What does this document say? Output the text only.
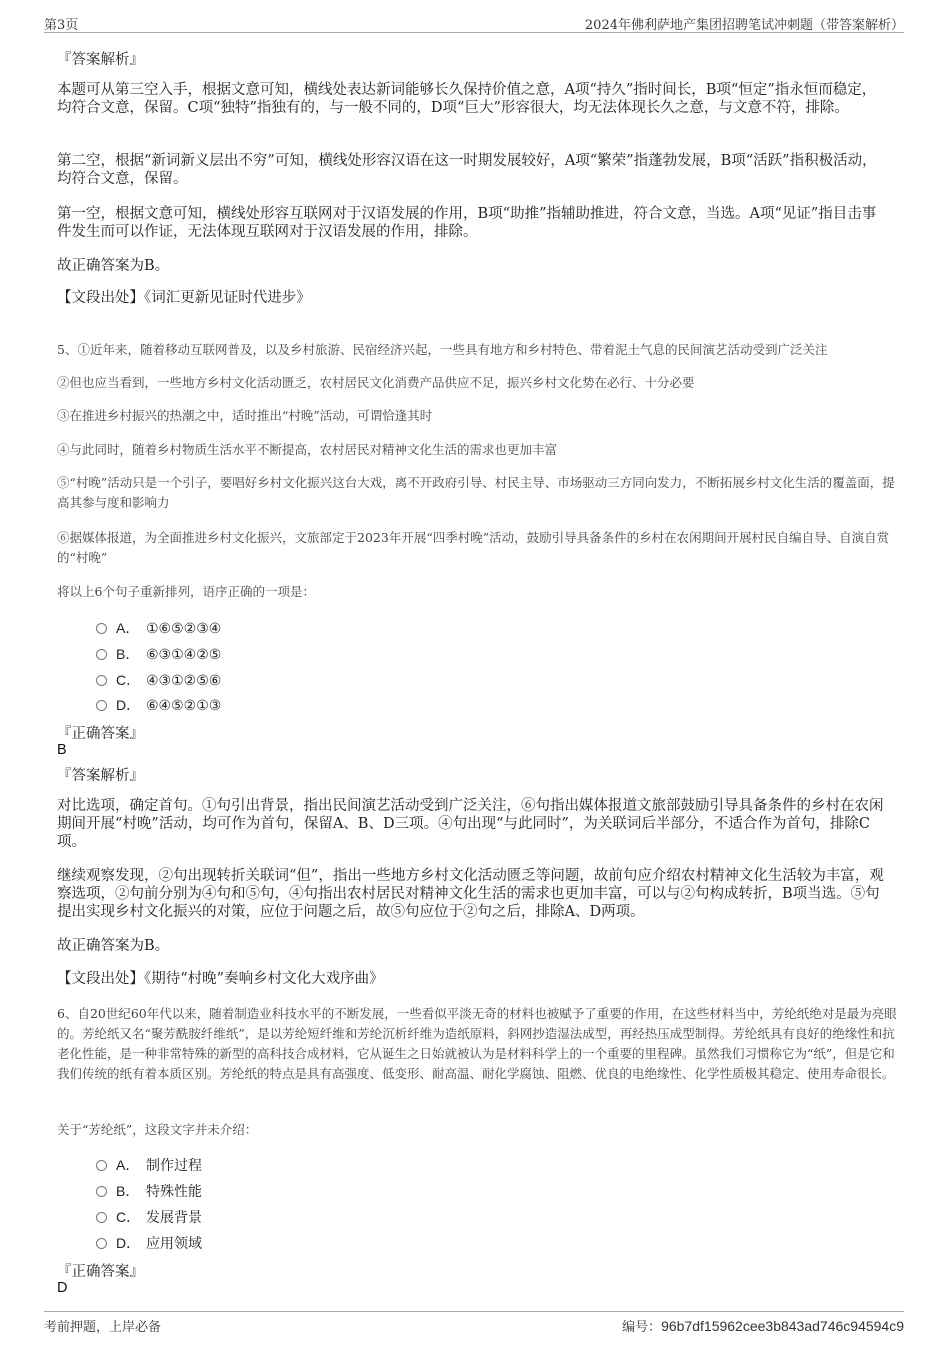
第3页	2024年佛利萨地产集团招聘笔试冲刺题（带答案解析）
『答案解析』
本题可从第三空入手，根据文意可知，横线处表达新词能够长久保持价值之意，A项“持久”指时间长，B项“恒定”指永恒而稳定，均符合文意，保留。C项“独特”指独有的，与一般不同的，D项“巨大”形容很大，均无法体现长久之意，与文意不符，排除。
第二空，根据“新词新义层出不穷”可知，横线处形容汉语在这一时期发展较好，A项“繁荣”指蓬勃发展，B项“活跃”指积极活动，均符合文意，保留。
第一空，根据文意可知，横线处形容互联网对于汉语发展的作用，B项“助推”指辅助推进，符合文意，当选。A项“见证”指目击事件发生而可以作证，无法体现互联网对于汉语发展的作用，排除。
故正确答案为B。
【文段出处】《词汇更新见证时代进步》
5、①近年来，随着移动互联网普及，以及乡村旅游、民宿经济兴起，一些具有地方和乡村特色、带着泥土气息的民间演艺活动受到广泛关注
②但也应当看到，一些地方乡村文化活动匮乏，农村居民文化消费产品供应不足，振兴乡村文化势在必行、十分必要
③在推进乡村振兴的热潮之中，适时推出“村晚”活动，可谓恰逢其时
④与此同时，随着乡村物质生活水平不断提高，农村居民对精神文化生活的需求也更加丰富
⑤“村晚”活动只是一个引子，要唱好乡村文化振兴这台大戏，离不开政府引导、村民主导、市场驱动三方同向发力，不断拓展乡村文化生活的覆盖面，提高其参与度和影响力
⑥据媒体报道，为全面推进乡村文化振兴，文旅部定于2023年开展“四季村晚”活动，鼓励引导具备条件的乡村在农闲期间开展村民自编自导、自演自赏的“村晚”
将以上6个句子重新排列，语序正确的一项是：
A． ①⑥⑤②③④
B． ⑥③①④②⑤
C． ④③①②⑤⑥
D． ⑥④⑤②①③
『正确答案』
B
『答案解析』
对比选项，确定首句。①句引出背景，指出民间演艺活动受到广泛关注，⑥句指出媒体报道文旅部鼓励引导具备条件的乡村在农闲期间开展“村晚”活动，均可作为首句，保留A、B、D三项。④句出现“与此同时”，为关联词后半部分，不适合作为首句，排除C项。
继续观察发现，②句出现转折关联词“但”，指出一些地方乡村文化活动匮乏等问题，故前句应介绍农村精神文化生活较为丰富，观察选项，②句前分别为④句和⑤句，④句指出农村居民对精神文化生活的需求也更加丰富，可以与②句构成转折，B项当选。⑤句提出实现乡村文化振兴的对策，应位于问题之后，故⑤句应位于②句之后，排除A、D两项。
故正确答案为B。
【文段出处】《期待“村晚”奏响乡村文化大戏序曲》
6、自20世纪60年代以来，随着制造业科技水平的不断发展，一些看似平淡无奇的材料也被赋予了重要的作用，在这些材料当中，芳纶纸绝对是最为亮眼的。芳纶纸又名“聚芳酰胺纤维纸”，是以芳纶短纤维和芳纶沉析纤维为造纸原料，斜网抄造湿法成型，再经热压成型制得。芳纶纸具有良好的绝缘性和抗老化性能，是一种非常特殊的新型的高科技合成材料，它从诞生之日始就被认为是材料科学上的一个重要的里程碑。虽然我们习惯称它为“纸”，但是它和我们传统的纸有着本质区别。芳纶纸的特点是具有高强度、低变形、耐高温、耐化学腐蚀、阻燃、优良的电绝缘性、化学性质极其稳定、使用寿命很长。
关于“芳纶纸”，这段文字并未介绍：
A． 制作过程
B． 特殊性能
C． 发展背景
D． 应用领域
『正确答案』
D
考前押题，上岸必备	编号：96b7df15962cee3b843ad746c94594c9
